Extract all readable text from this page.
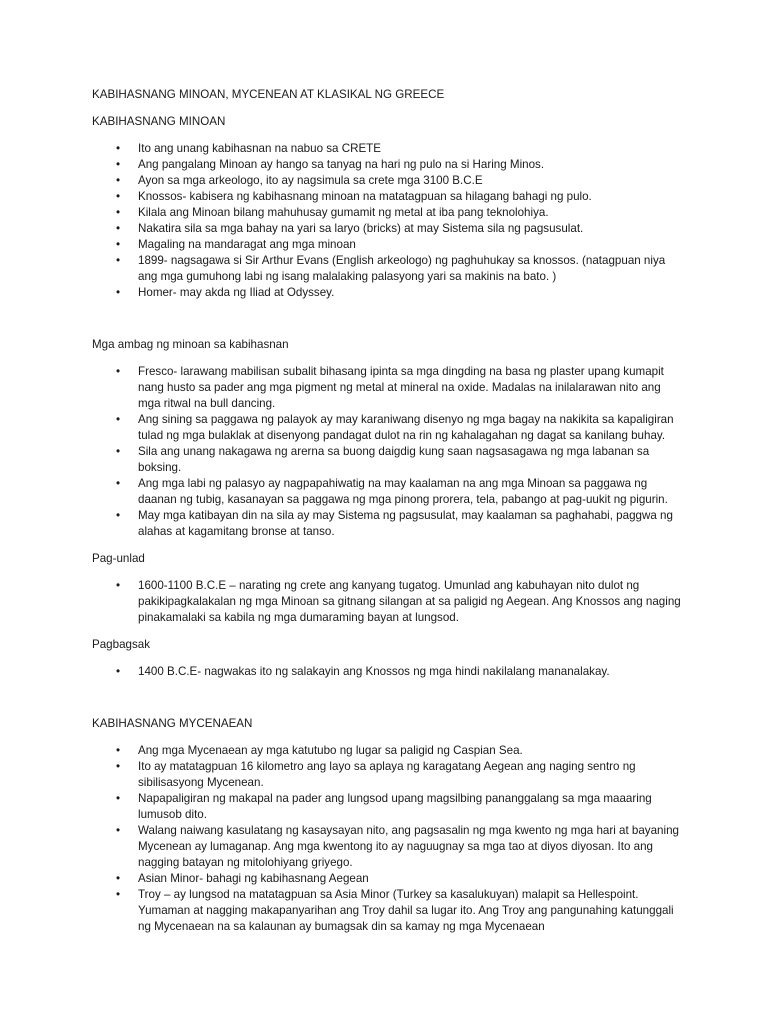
KABIHASNANG MINOAN, MYCENEAN AT KLASIKAL NG GREECE

KABIHASNANG MINOAN

• Ito ang unang kabihasnan na nabuo sa CRETE
• Ang pangalang Minoan ay hango sa tanyag na hari ng pulo na si Haring Minos.
• Ayon sa mga arkeologo, ito ay nagsimula sa crete mga 3100 B.C.E
• Knossos- kabisera ng kabihasnang minoan na matatagpuan sa hilagang bahagi ng pulo.
• Kilala ang Minoan bilang mahuhusay gumamit ng metal at iba pang teknolohiya.
• Nakatira sila sa mga bahay na yari sa laryo (bricks) at may Sistema sila ng pagsusulat.
• Magaling na mandaragat ang mga minoan
• 1899- nagsagawa si Sir Arthur Evans (English arkeologo) ng paghuhukay sa knossos. (natagpuan niya ang mga gumuhong labi ng isang malalaking palasyong yari sa makinis na bato. )
• Homer- may akda ng Iliad at Odyssey.

Mga ambag ng minoan sa kabihasnan

• Fresco- larawang mabilisan subalit bihasang ipinta sa mga dingding na basa ng plaster upang kumapit nang husto sa pader ang mga pigment ng metal at mineral na oxide. Madalas na inilalarawan nito ang mga ritwal na bull dancing.
• Ang sining sa paggawa ng palayok ay may karaniwang disenyo ng mga bagay na nakikita sa kapaligiran tulad ng mga bulaklak at disenyong pandagat dulot na rin ng kahalagahan ng dagat sa kanilang buhay.
• Sila ang unang nakagawa ng arerna sa buong daigdig kung saan nagsasagawa ng mga labanan sa boksing.
• Ang mga labi ng palasyo ay nagpapahiwatig na may kaalaman na ang mga Minoan sa paggawa ng daanan ng tubig, kasanayan sa paggawa ng mga pinong prorera, tela, pabango at pag-uukit ng pigurin.
• May mga katibayan din na sila ay may Sistema ng pagsusulat, may kaalaman sa paghahabi, paggwa ng alahas at kagamitang bronse at tanso.

Pag-unlad

• 1600-1100 B.C.E – narating ng crete ang kanyang tugatog. Umunlad ang kabuhayan nito dulot ng pakikipagkalakalan ng mga Minoan sa gitnang silangan at sa paligid ng Aegean. Ang Knossos ang naging pinakamalaki sa kabila ng mga dumaraming bayan at lungsod.

Pagbagsak

• 1400 B.C.E- nagwakas ito ng salakayin ang Knossos ng mga hindi nakilalang mananalakay.

KABIHASNANG MYCENAEAN

• Ang mga Mycenaean ay mga katutubo ng lugar sa paligid ng Caspian Sea.
• Ito ay matatagpuan 16 kilometro ang layo sa aplaya ng karagatang Aegean ang naging sentro ng sibilisasyong Mycenean.
• Napapaligiran ng makapal na pader ang lungsod upang magsilbing pananggalang sa mga maaaring lumusob dito.
• Walang naiwang kasulatang ng kasaysayan nito, ang pagsasalin ng mga kwento ng mga hari at bayaning Mycenean ay lumaganap. Ang mga kwentong ito ay naguugnay sa mga tao at diyos diyosan. Ito ang nagging batayan ng mitolohiyang griyego.
• Asian Minor- bahagi ng kabihasnang Aegean
• Troy – ay lungsod na matatagpuan sa Asia Minor (Turkey sa kasalukuyan) malapit sa Hellespoint. Yumaman at nagging makapanyarihan ang Troy dahil sa lugar ito. Ang Troy ang pangunahing katunggali ng Mycenaean na sa kalaunan ay bumagsak din sa kamay ng mga Mycenaean
